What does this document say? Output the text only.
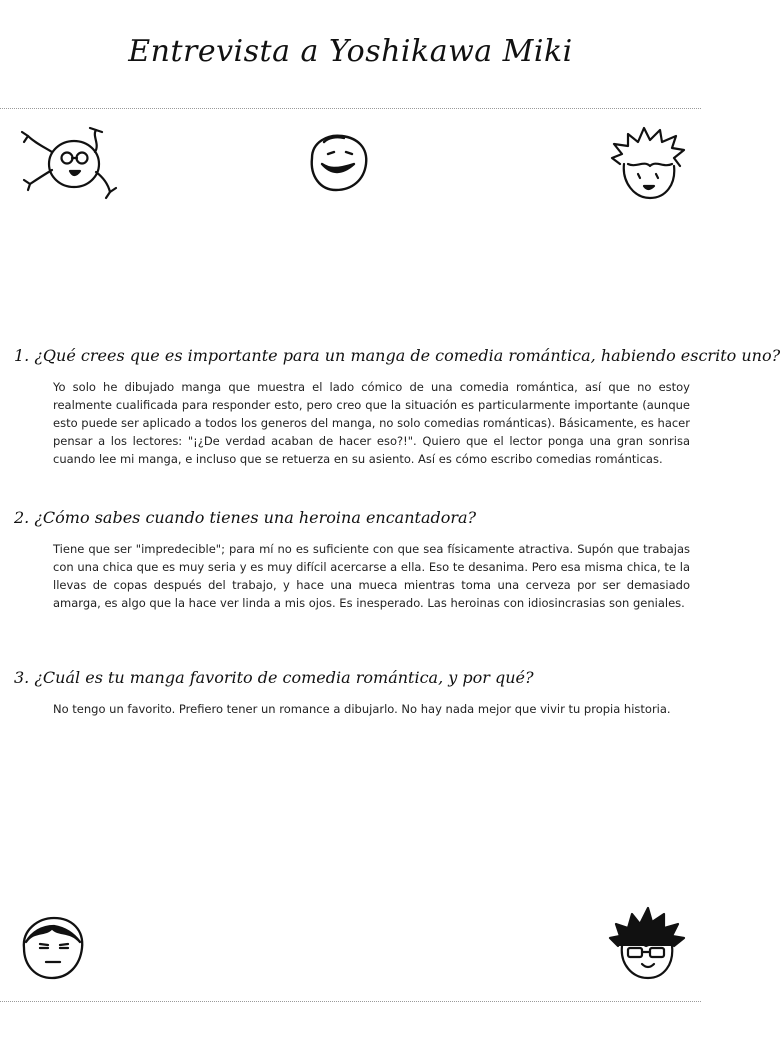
Entrevista a Yoshikawa Miki
1. ¿Qué crees que es importante para un manga de comedia romántica, habiendo escrito uno?
Yo solo he dibujado manga que muestra el lado cómico de una comedia romántica, así que no estoy realmente cualificada para responder esto, pero creo que la situación es particularmente importante (aunque esto puede ser aplicado a todos los generos del manga, no solo comedias románticas). Básicamente, es hacer pensar a los lectores: "¡¿De verdad acaban de hacer eso?!". Quiero que el lector ponga una gran sonrisa cuando lee mi manga, e incluso que se retuerza en su asiento. Así es cómo escribo comedias románticas.
2. ¿Cómo sabes cuando tienes una heroina encantadora?
Tiene que ser "impredecible"; para mí no es suficiente con que sea físicamente atractiva. Supón que trabajas con una chica que es muy seria y es muy difícil acercarse a ella. Eso te desanima. Pero esa misma chica, te la llevas de copas después del trabajo, y hace una mueca mientras toma una cerveza por ser demasiado amarga, es algo que la hace ver linda a mis ojos. Es inesperado. Las heroinas con idiosincrasias son geniales.
3. ¿Cuál es tu manga favorito de comedia romántica, y por qué?
No tengo un favorito. Prefiero tener un romance a dibujarlo. No hay nada mejor que vivir tu propia historia.
